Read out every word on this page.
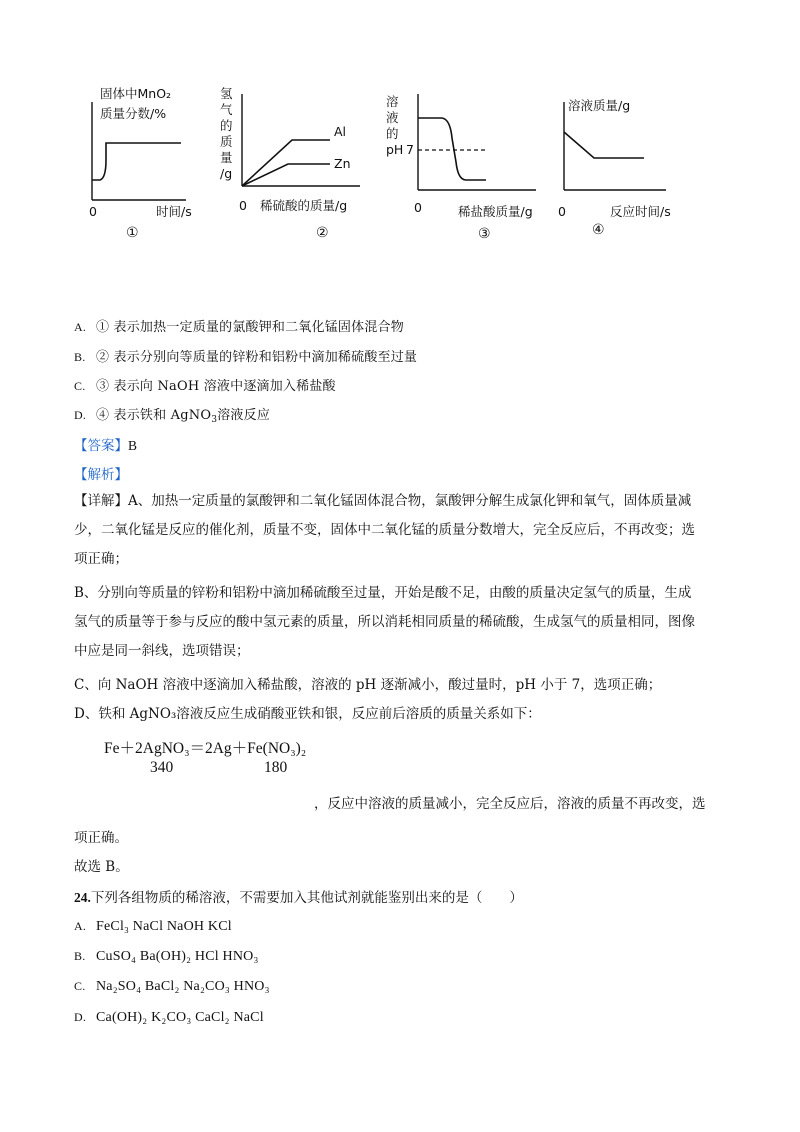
固体中MnO₂
质量分数/%
0	时间/s
①
氢
气
的
质
量
/g
Al
Zn
0 稀硫酸的质量/g
②
溶
液
的
pH 7
0	稀盐酸质量/g
③
溶液质量/g
0	反应时间/s
④
A. ① 表示加热一定质量的氯酸钾和二氧化锰固体混合物
B. ② 表示分别向等质量的锌粉和铝粉中滴加稀硫酸至过量
C. ③ 表示向 NaOH 溶液中逐滴加入稀盐酸
D. ④ 表示铁和 AgNO$_3$溶液反应
【答案】B
【解析】
【详解】A、加热一定质量的氯酸钾和二氧化锰固体混合物，氯酸钾分解生成氯化钾和氧气，固体质量减
少，二氧化锰是反应的催化剂，质量不变，固体中二氧化锰的质量分数增大，完全反应后，不再改变；选
项正确；
B、分别向等质量的锌粉和铝粉中滴加稀硫酸至过量，开始是酸不足，由酸的质量决定氢气的质量，生成
氢气的质量等于参与反应的酸中氢元素的质量，所以消耗相同质量的稀硫酸，生成氢气的质量相同，图像
中应是同一斜线，选项错误；
C、向 NaOH 溶液中逐滴加入稀盐酸，溶液的 pH 逐渐减小，酸过量时，pH 小于 7，选项正确；
D、铁和 AgNO₃溶液反应生成硝酸亚铁和银，反应前后溶质的质量关系如下：
Fe＋2AgNO₃＝2Ag＋Fe(NO₃)₂
340	180
，反应中溶液的质量减小，完全反应后，溶液的质量不再改变，选
项正确。
故选 B。
24.下列各组物质的稀溶液，不需要加入其他试剂就能鉴别出来的是（　　）
A. FeCl₃ NaCl NaOH KCl
B. CuSO₄ Ba(OH)₂ HCl HNO₃
C. Na₂SO₄ BaCl₂ Na₂CO₃ HNO₃
D. Ca(OH)₂ K₂CO₃ CaCl₂ NaCl
